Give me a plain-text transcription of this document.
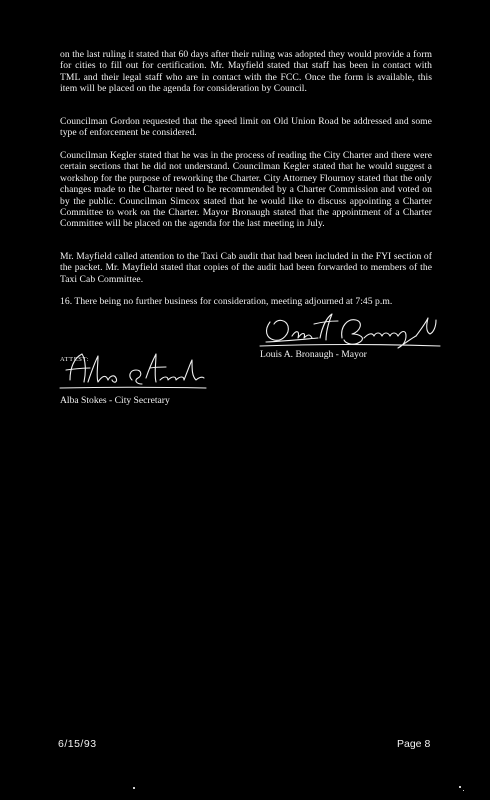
on the last ruling it stated that 60 days after their ruling was adopted they would provide a form for cities to fill out for certification. Mr. Mayfield stated that staff has been in contact with TML and their legal staff who are in contact with the FCC. Once the form is available, this item will be placed on the agenda for consideration by Council.

Councilman Gordon requested that the speed limit on Old Union Road be addressed and some type of enforcement be considered.

Councilman Kegler stated that he was in the process of reading the City Charter and there were certain sections that he did not understand. Councilman Kegler stated that he would suggest a workshop for the purpose of reworking the Charter. City Attorney Flournoy stated that the only changes made to the Charter need to be recommended by a Charter Commission and voted on by the public. Councilman Simcox stated that he would like to discuss appointing a Charter Committee to work on the Charter. Mayor Bronaugh stated that the appointment of a Charter Committee will be placed on the agenda for the last meeting in July.

Mr. Mayfield called attention to the Taxi Cab audit that had been included in the FYI section of the packet. Mr. Mayfield stated that copies of the audit had been forwarded to members of the Taxi Cab Committee.

16. There being no further business for consideration, meeting adjourned at 7:45 p.m.

Louis A. Bronaugh - Mayor

ATTEST:

Alba Stokes - City Secretary

6/15/93	Page 8
